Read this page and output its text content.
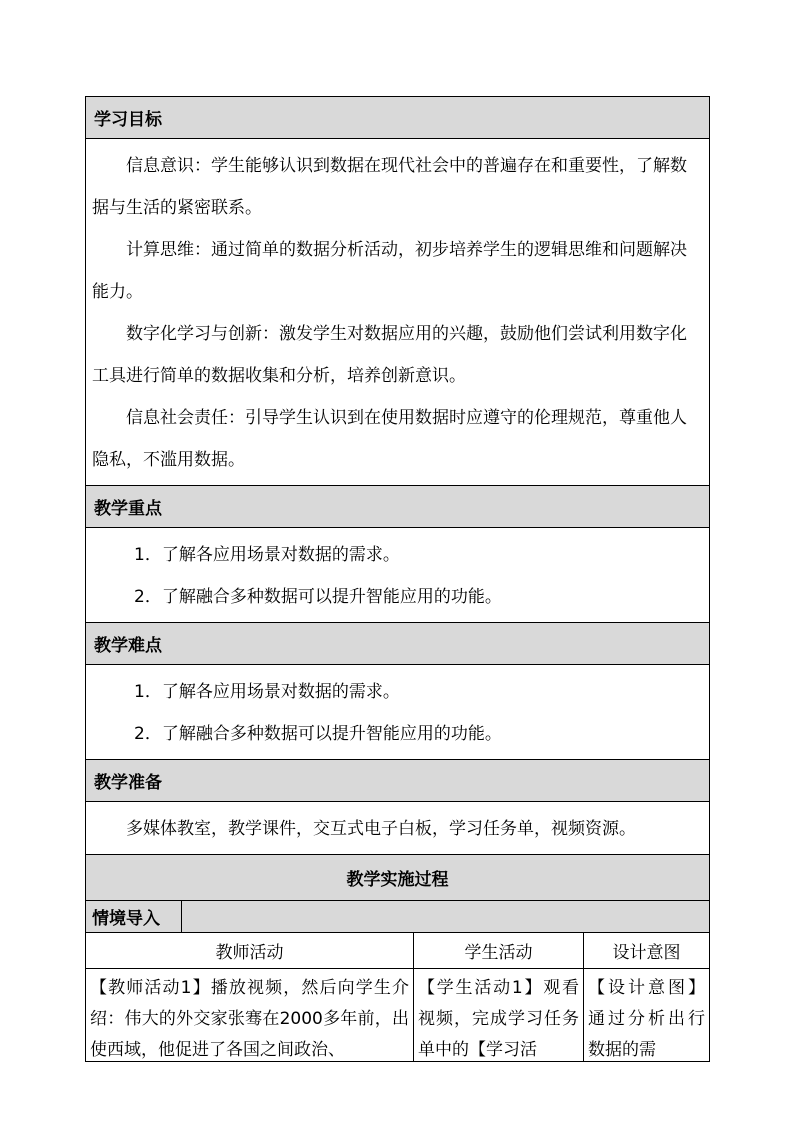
学习目标			

信息意识：学生能够认识到数据在现代社会中的普遍存在和重要性，了解数据与生活的紧密联系。

计算思维：通过简单的数据分析活动，初步培养学生的逻辑思维和问题解决能力。

数字化学习与创新：激发学生对数据应用的兴趣，鼓励他们尝试利用数字化工具进行简单的数据收集和分析，培养创新意识。

信息社会责任：引导学生认识到在使用数据时应遵守的伦理规范，尊重他人隐私，不滥用数据。			

教学重点			

1．了解各应用场景对数据的需求。

2．了解融合多种数据可以提升智能应用的功能。			

教学难点			

1．了解各应用场景对数据的需求。

2．了解融合多种数据可以提升智能应用的功能。			

教学准备			

多媒体教室，教学课件，交互式电子白板，学习任务单，视频资源。			

教学实施过程			
情境导入			
教师活动		学生活动	设计意图

【教师活动1】播放视频，然后向学生介绍：伟大的外交家张骞在2000多年前，出使西域，他促进了各国之间政治、		【学生活动1】观看视频，完成学习任务单中的【学习活	【设计意图】通过分析出行数据的需
